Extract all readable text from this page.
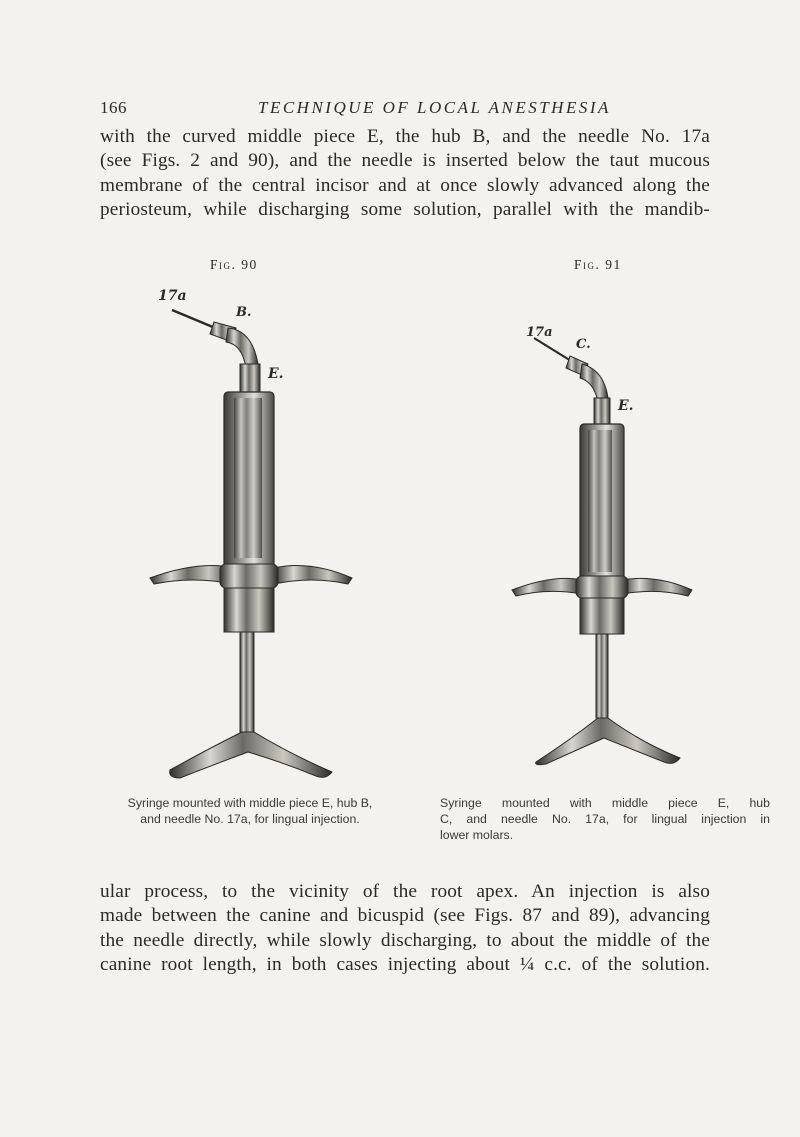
166	TECHNIQUE OF LOCAL ANESTHESIA
with the curved middle piece E, the hub B, and the needle No. 17a
(see Figs. 2 and 90), and the needle is inserted below the taut mucous
membrane of the central incisor and at once slowly advanced along the
periosteum, while discharging some solution, parallel with the mandib-
Fig. 90	Fig. 91
17a
B.
E.
17a
C.
E.
Syringe mounted with middle piece E, hub B,
and needle No. 17a, for lingual injection.
Syringe mounted with middle piece E, hub
C, and needle No. 17a, for lingual injection in
lower molars.
ular process, to the vicinity of the root apex. An injection is also
made between the canine and bicuspid (see Figs. 87 and 89), advancing
the needle directly, while slowly discharging, to about the middle of the
canine root length, in both cases injecting about ¼ c.c. of the solution.
